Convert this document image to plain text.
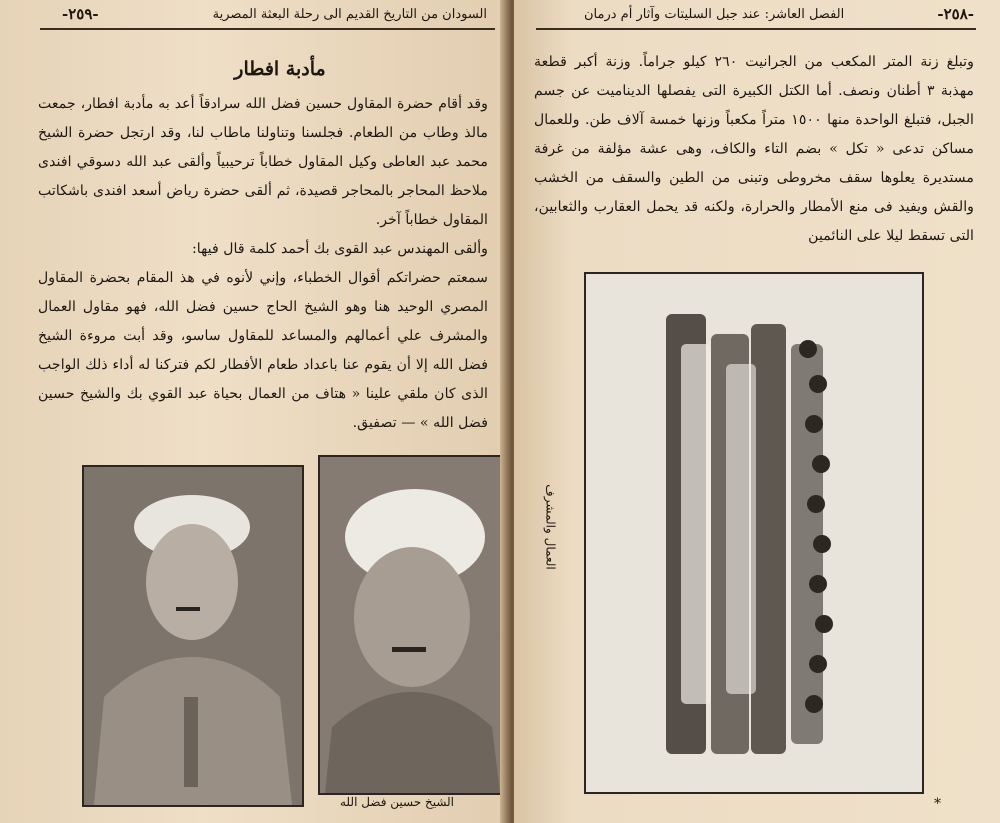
السودان من التاريخ القديم الى رحلة البعثة المصرية
-٢٥٩-
مأدبة افطار

وقد أقام حضرة المقاول حسين فضل الله سرادقاً أعد به مأدبة افطار، جمعت مالذ وطاب من الطعام. فجلسنا وتناولنا ماطاب لنا، وقد ارتجل حضرة الشيخ محمد عبد العاطى وكيل المقاول خطاباً ترحيبياً وألقى عبد الله دسوقي افندى ملاحظ المحاجر بالمحاجر قصيدة، ثم ألقى حضرة رياض أسعد افندى باشكاتب المقاول خطاباً آخر.

وألقى المهندس عبد القوى بك أحمد كلمة قال فيها:

سمعتم حضراتكم أقوال الخطباء، وإني لأنوه في هذ المقام بحضرة المقاول المصري الوحيد هنا وهو الشيخ الحاج حسين فضل الله، فهو مقاول العمال والمشرف علي أعمالهم والمساعد للمقاول ساسو، وقد أبت مروءة الشيخ فضل الله إلا أن يقوم عنا باعداد طعام الأفطار لكم فتركنا له أداء ذلك الواجب الذى كان ملقي علينا « هتاف من العمال بحياة عبد القوي بك والشيخ حسين فضل الله » — تصفيق.

الشيخ حسين فضل الله
-٢٥٨-
الفصل العاشر: عند جبل السليتات وآثار أم درمان
وتبلغ زنة المتر المكعب من الجرانيت ٢٦٠ كيلو جراماً. وزنة أكبر قطعة مهذبة ٣ أطنان ونصف. أما الكتل الكبيرة التى يفصلها الديناميت عن جسم الجبل، فتبلغ الواحدة منها ١٥٠٠ متراً مكعباً وزنها خمسة آلاف طن. وللعمال مساكن تدعى « تكل » بضم التاء والكاف، وهى عشة مؤلفة من غرفة مستديرة يعلوها سقف مخروطى وتبنى من الطين والسقف من الخشب والقش ويفيد فى منع الأمطار والحرارة، ولكنه قد يحمل العقارب والثعابين، التى تسقط ليلا على النائمين
العمال والمشرف
*
